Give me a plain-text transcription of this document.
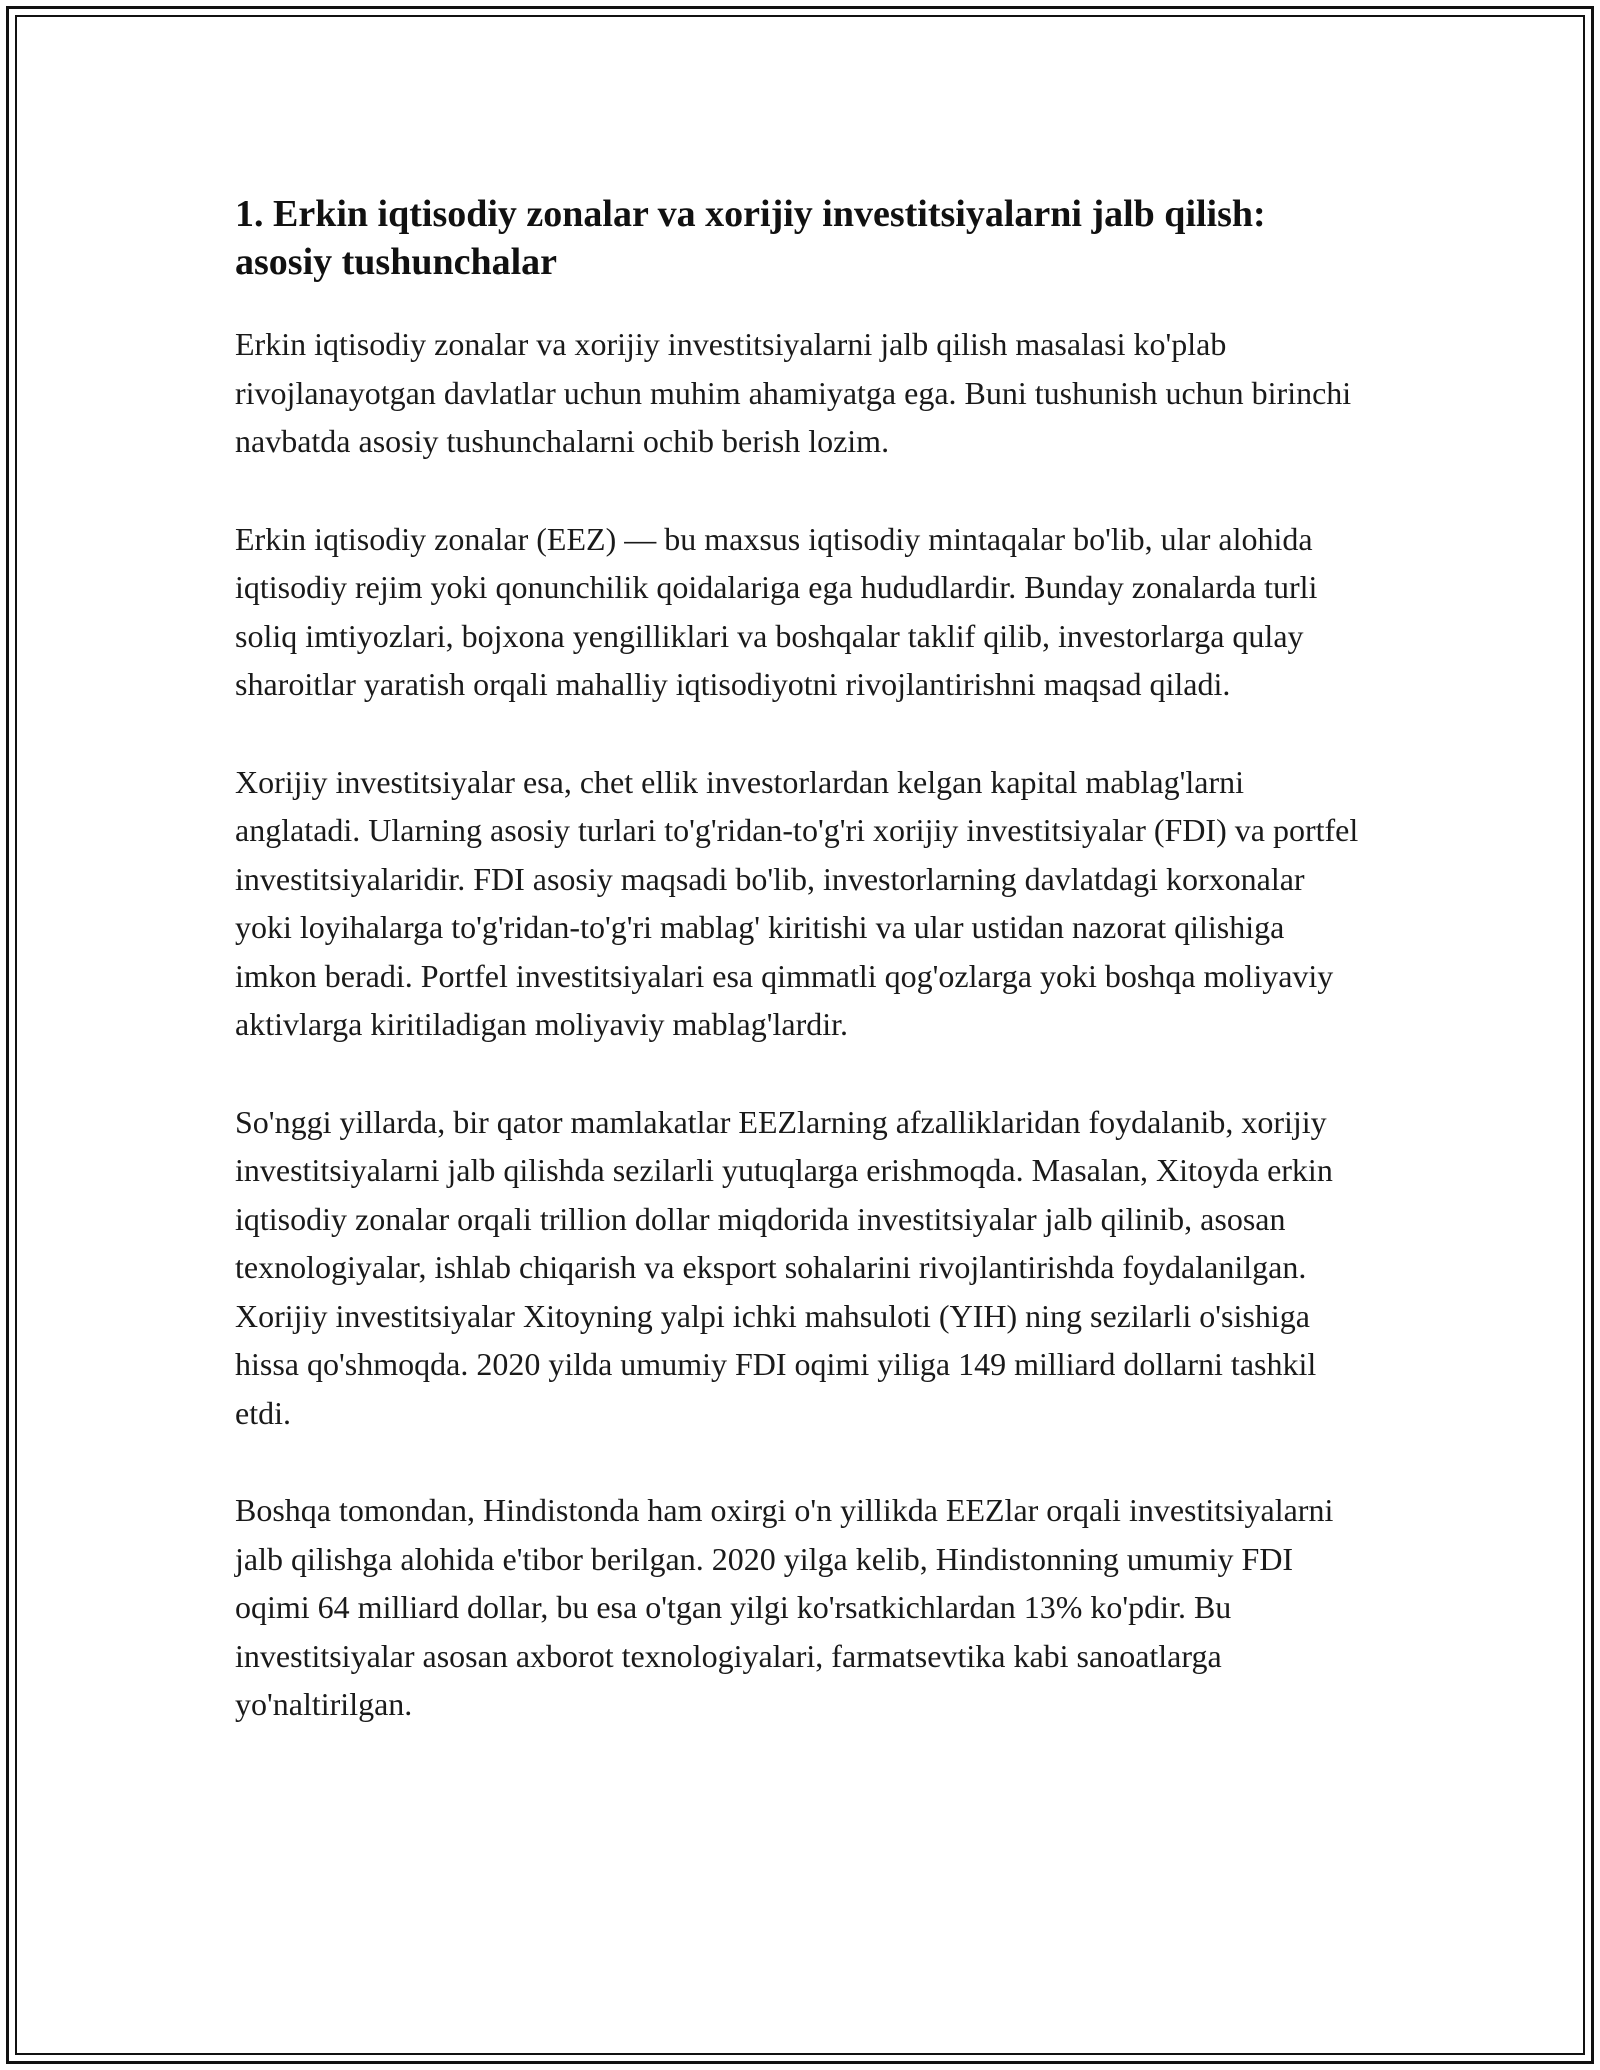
1. Erkin iqtisodiy zonalar va xorijiy investitsiyalarni jalb qilish: asosiy tushunchalar

Erkin iqtisodiy zonalar va xorijiy investitsiyalarni jalb qilish masalasi ko'plab rivojlanayotgan davlatlar uchun muhim ahamiyatga ega. Buni tushunish uchun birinchi navbatda asosiy tushunchalarni ochib berish lozim.

Erkin iqtisodiy zonalar (EEZ) — bu maxsus iqtisodiy mintaqalar bo'lib, ular alohida iqtisodiy rejim yoki qonunchilik qoidalariga ega hududlardir. Bunday zonalarda turli soliq imtiyozlari, bojxona yengilliklari va boshqalar taklif qilib, investorlarga qulay sharoitlar yaratish orqali mahalliy iqtisodiyotni rivojlantirishni maqsad qiladi.

Xorijiy investitsiyalar esa, chet ellik investorlardan kelgan kapital mablag'larni anglatadi. Ularning asosiy turlari to'g'ridan-to'g'ri xorijiy investitsiyalar (FDI) va portfel investitsiyalaridir. FDI asosiy maqsadi bo'lib, investorlarning davlatdagi korxonalar yoki loyihalarga to'g'ridan-to'g'ri mablag' kiritishi va ular ustidan nazorat qilishiga imkon beradi. Portfel investitsiyalari esa qimmatli qog'ozlarga yoki boshqa moliyaviy aktivlarga kiritiladigan moliyaviy mablag'lardir.

So'nggi yillarda, bir qator mamlakatlar EEZlarning afzalliklaridan foydalanib, xorijiy investitsiyalarni jalb qilishda sezilarli yutuqlarga erishmoqda. Masalan, Xitoyda erkin iqtisodiy zonalar orqali trillion dollar miqdorida investitsiyalar jalb qilinib, asosan texnologiyalar, ishlab chiqarish va eksport sohalarini rivojlantirishda foydalanilgan. Xorijiy investitsiyalar Xitoyning yalpi ichki mahsuloti (YIH) ning sezilarli o'sishiga hissa qo'shmoqda. 2020 yilda umumiy FDI oqimi yiliga 149 milliard dollarni tashkil etdi.

Boshqa tomondan, Hindistonda ham oxirgi o'n yillikda EEZlar orqali investitsiyalarni jalb qilishga alohida e'tibor berilgan. 2020 yilga kelib, Hindistonning umumiy FDI oqimi 64 milliard dollar, bu esa o'tgan yilgi ko'rsatkichlardan 13% ko'pdir. Bu investitsiyalar asosan axborot texnologiyalari, farmatsevtika kabi sanoatlarga yo'naltirilgan.
